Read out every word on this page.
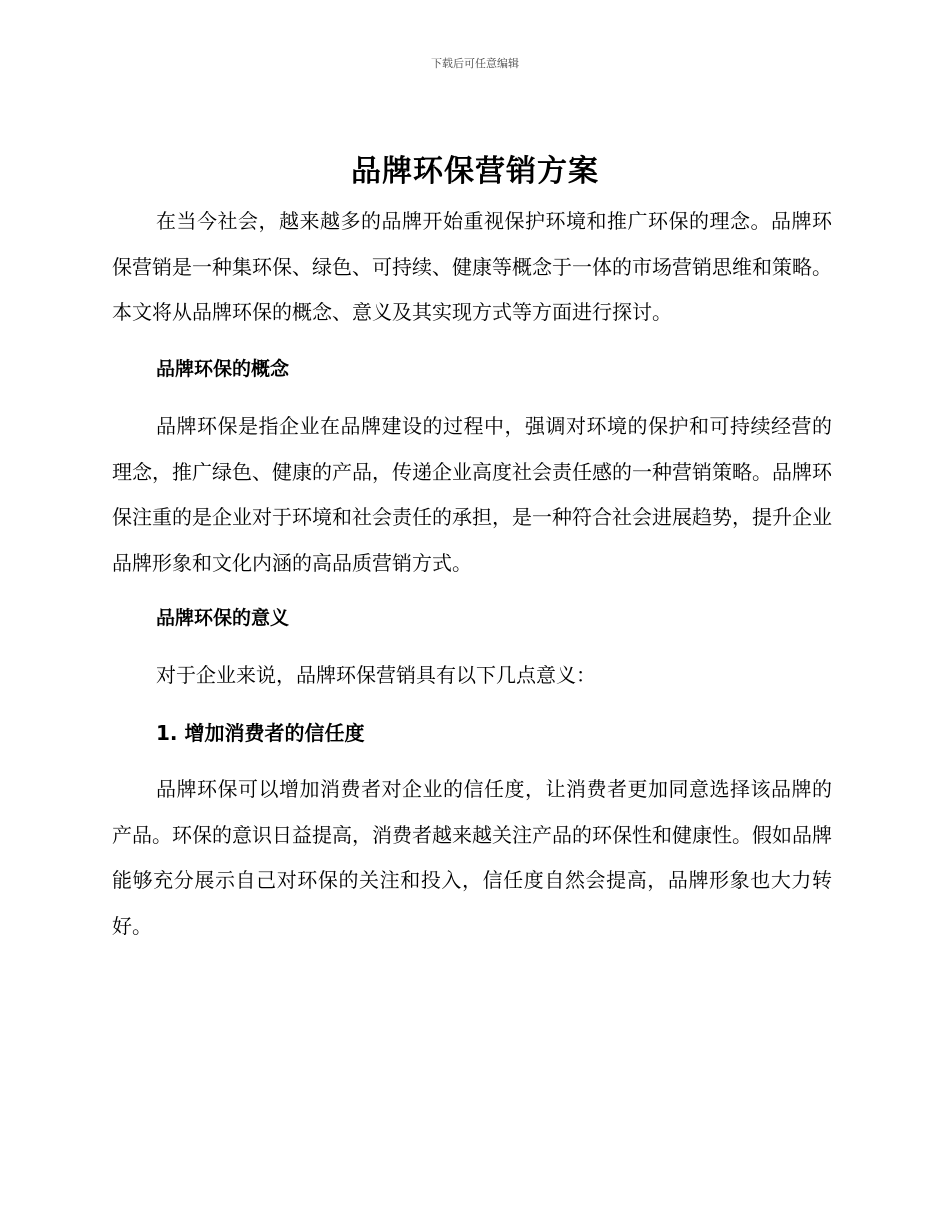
下载后可任意编辑
品牌环保营销方案

在当今社会，越来越多的品牌开始重视保护环境和推广环保的理念。品牌环保营销是一种集环保、绿色、可持续、健康等概念于一体的市场营销思维和策略。本文将从品牌环保的概念、意义及其实现方式等方面进行探讨。

品牌环保的概念

品牌环保是指企业在品牌建设的过程中，强调对环境的保护和可持续经营的理念，推广绿色、健康的产品，传递企业高度社会责任感的一种营销策略。品牌环保注重的是企业对于环境和社会责任的承担，是一种符合社会进展趋势，提升企业品牌形象和文化内涵的高品质营销方式。

品牌环保的意义

对于企业来说，品牌环保营销具有以下几点意义：

1. 增加消费者的信任度

品牌环保可以增加消费者对企业的信任度，让消费者更加同意选择该品牌的产品。环保的意识日益提高，消费者越来越关注产品的环保性和健康性。假如品牌能够充分展示自己对环保的关注和投入，信任度自然会提高，品牌形象也大力转好。
